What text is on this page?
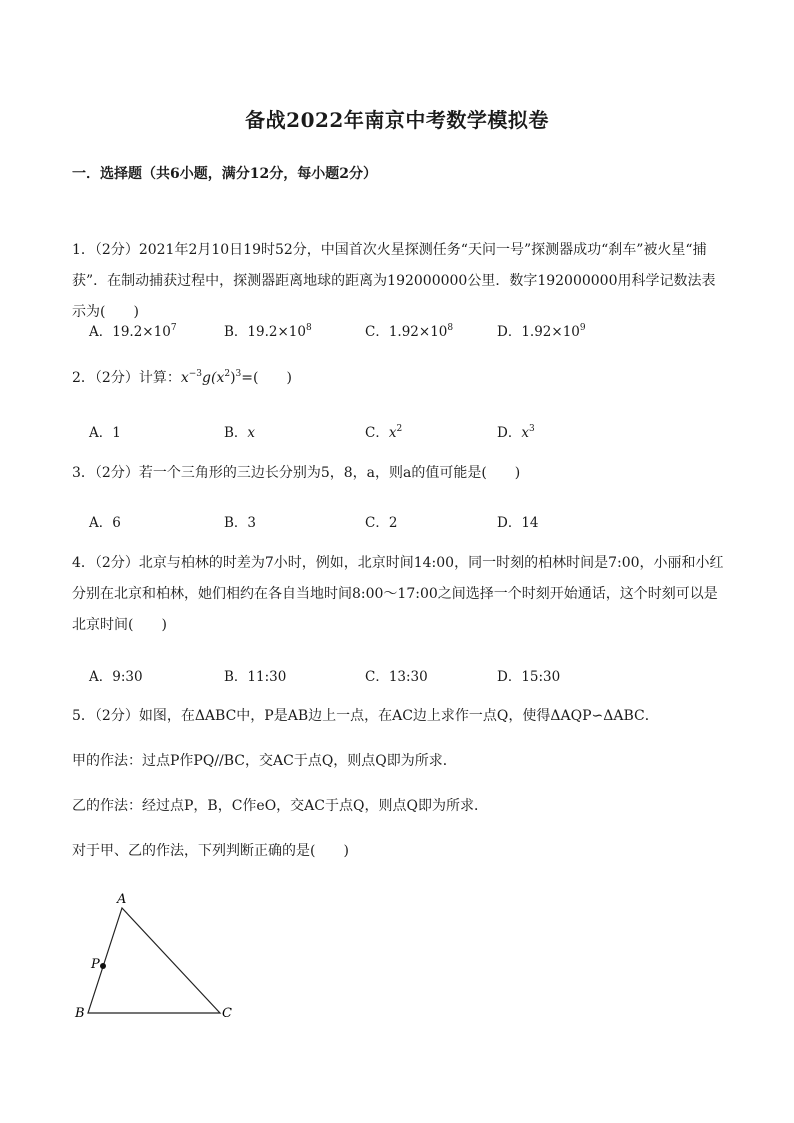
备战2022年南京中考数学模拟卷
一．选择题（共6小题，满分12分，每小题2分）
1．（2分）2021年2月10日19时52分，中国首次火星探测任务“天问一号”探测器成功“刹车”被火星“捕获”．在制动捕获过程中，探测器距离地球的距离为192000000公里．数字192000000用科学记数法表示为(　　)
A．$19.2\times 10^7$	B．$19.2\times 10^8$	C．$1.92\times 10^8$	D．$1.92\times 10^9$
2．（2分）计算：$x^{-3}g(x^2)^3=$(　　)
A．1	B．x	C．$x^2$	D．$x^3$
3．（2分）若一个三角形的三边长分别为5，8，a，则a的值可能是(　　)
A．6	B．3	C．2	D．14
4．（2分）北京与柏林的时差为7小时，例如，北京时间14:00，同一时刻的柏林时间是7:00，小丽和小红分别在北京和柏林，她们相约在各自当地时间8:00～17:00之间选择一个时刻开始通话，这个时刻可以是北京时间(　　)
A．9:30	B．11:30	C．13:30	D．15:30
5．（2分）如图，在ΔABC中，P是AB边上一点，在AC边上求作一点Q，使得ΔAQP∽ΔABC．
甲的作法：过点P作PQ//BC，交AC于点Q，则点Q即为所求．
乙的作法：经过点P，B，C作eO，交AC于点Q，则点Q即为所求．
对于甲、乙的作法，下列判断正确的是(　　)
A
B	C
P
